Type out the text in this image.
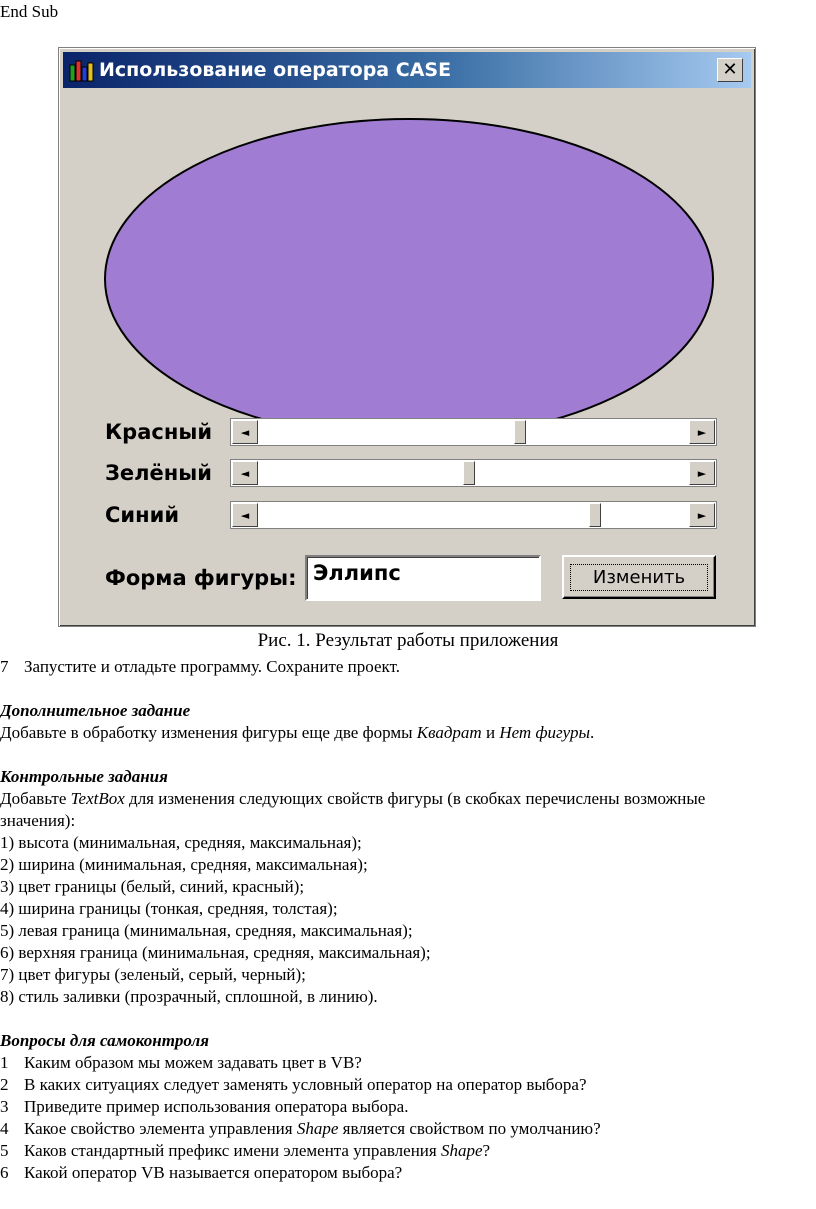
End Sub
Использование оператора CASE	✕
Красный	◄	►
Зелёный	◄	►
Синий	◄	►
Форма фигуры: Эллипс	Изменить
Рис. 1. Результат работы приложения
7 Запустите и отладьте программу. Сохраните проект.
Дополнительное задание
Добавьте в обработку изменения фигуры еще две формы Квадрат и Нет фигуры.
Контрольные задания
Добавьте TextBox для изменения следующих свойств фигуры (в скобках перечислены возможные
значения):
1) высота (минимальная, средняя, максимальная);
2) ширина (минимальная, средняя, максимальная);
3) цвет границы (белый, синий, красный);
4) ширина границы (тонкая, средняя, толстая);
5) левая граница (минимальная, средняя, максимальная);
6) верхняя граница (минимальная, средняя, максимальная);
7) цвет фигуры (зеленый, серый, черный);
8) стиль заливки (прозрачный, сплошной, в линию).
Вопросы для самоконтроля
1 Каким образом мы можем задавать цвет в VB?
2 В каких ситуациях следует заменять условный оператор на оператор выбора?
3 Приведите пример использования оператора выбора.
4 Какое свойство элемента управления Shape является свойством по умолчанию?
5 Каков стандартный префикс имени элемента управления Shape?
6 Какой оператор VB называется оператором выбора?
